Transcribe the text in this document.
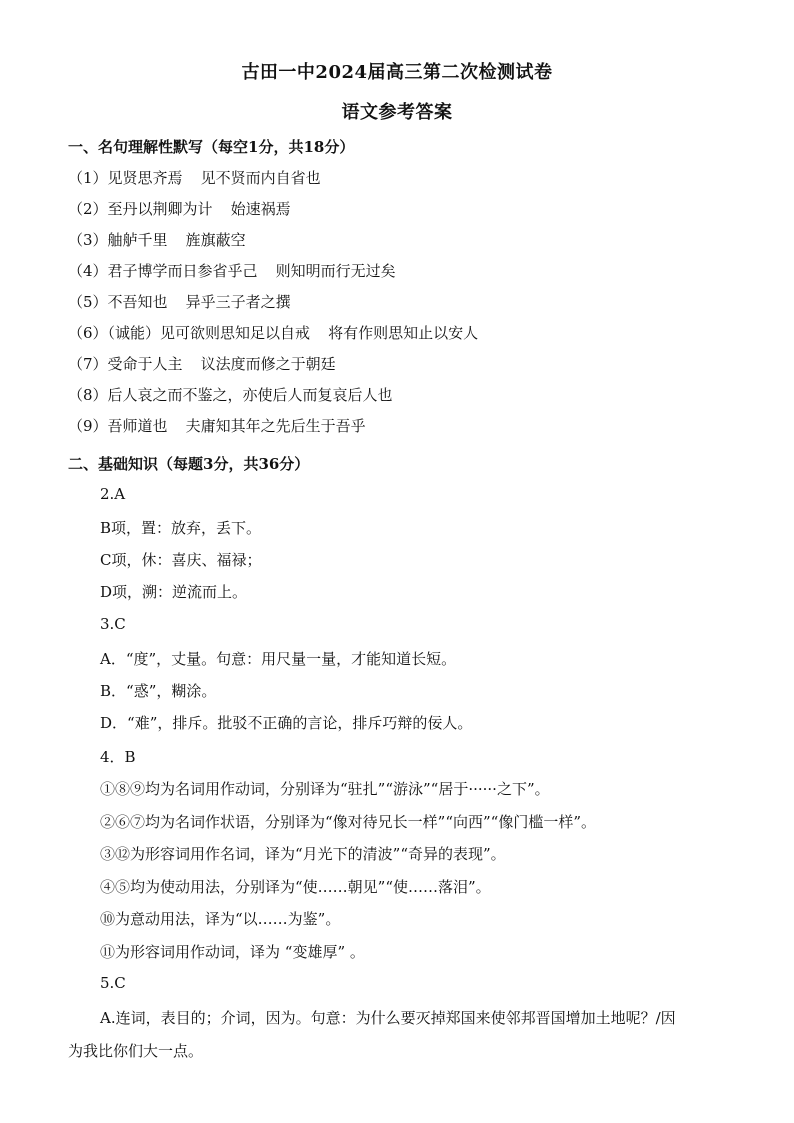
古田一中2024届高三第二次检测试卷
语文参考答案
一、名句理解性默写（每空1分，共18分）
（1）见贤思齐焉 见不贤而内自省也
（2）至丹以荆卿为计 始速祸焉
（3）舳舻千里 旌旗蔽空
（4）君子博学而日参省乎己 则知明而行无过矣
（5）不吾知也 异乎三子者之撰
（6）（诚能）见可欲则思知足以自戒 将有作则思知止以安人
（7）受命于人主 议法度而修之于朝廷
（8）后人哀之而不鉴之，亦使后人而复哀后人也
（9）吾师道也 夫庸知其年之先后生于吾乎
二、基础知识（每题3分，共36分）
2.A
B项，置：放弃，丢下。
C项，休：喜庆、福禄；
D项，溯：逆流而上。
3.C
A．“度”，丈量。句意：用尺量一量，才能知道长短。
B．“惑”，糊涂。
D．“难”，排斥。批驳不正确的言论，排斥巧辩的佞人。
4．B
①⑧⑨均为名词用作动词，分别译为“驻扎”“游泳”“居于······之下”。
②⑥⑦均为名词作状语，分别译为“像对待兄长一样”“向西”“像门槛一样”。
③⑫为形容词用作名词，译为“月光下的清波”“奇异的表现”。
④⑤均为使动用法，分别译为“使……朝见”“使……落泪”。
⑩为意动用法，译为“以……为鉴”。
⑪为形容词用作动词，译为 “变雄厚” 。
5.C
A.连词，表目的；介词，因为。句意：为什么要灭掉郑国来使邻邦晋国增加土地呢？/因
为我比你们大一点。
